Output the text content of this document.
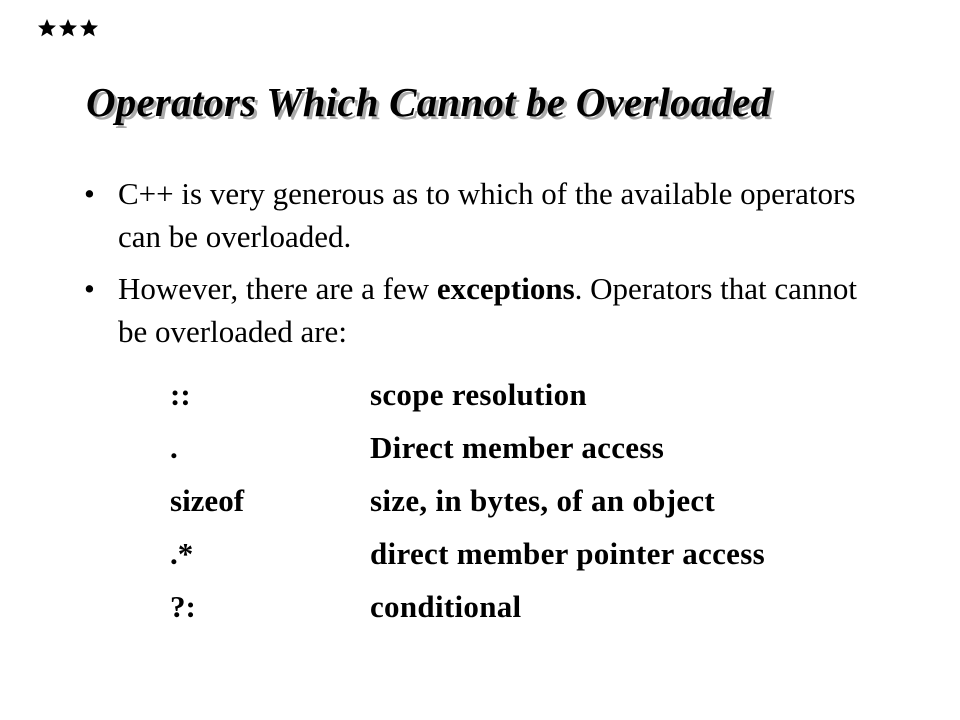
Operators Which Cannot be Overloaded
• C++ is very generous as to which of the available operators can be overloaded.
• However, there are a few exceptions. Operators that cannot be overloaded are:
::	scope resolution
.	Direct member access
sizeof	size, in bytes, of an object
.*	direct member pointer access
?:	conditional
